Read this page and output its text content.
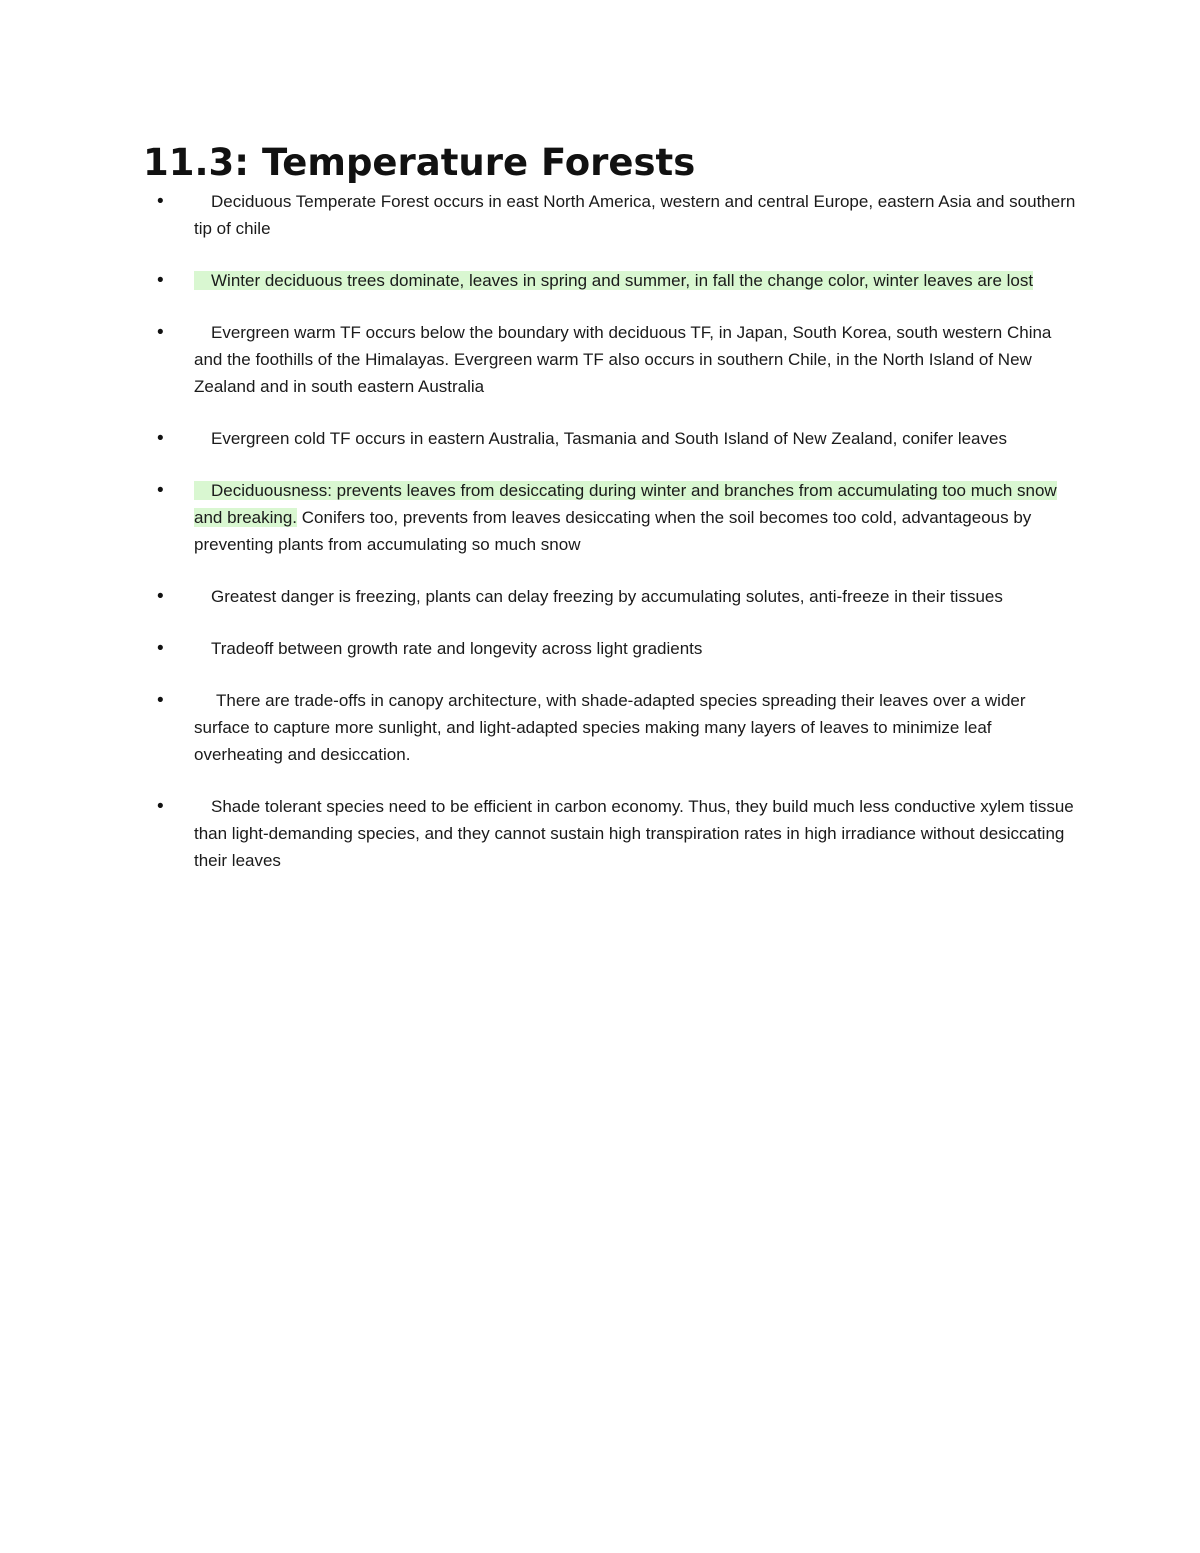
11.3: Temperature Forests
•	Deciduous Temperate Forest occurs in east North America, western and central Europe, eastern Asia and southern tip of chile
•	Winter deciduous trees dominate, leaves in spring and summer, in fall the change color, winter leaves are lost
•	Evergreen warm TF occurs below the boundary with deciduous TF, in Japan, South Korea, south western China and the foothills of the Himalayas. Evergreen warm TF also occurs in southern Chile, in the North Island of New Zealand and in south eastern Australia
•	Evergreen cold TF occurs in eastern Australia, Tasmania and South Island of New Zealand, conifer leaves
•	Deciduousness: prevents leaves from desiccating during winter and branches from accumulating too much snow and breaking. Conifers too, prevents from leaves desiccating when the soil becomes too cold, advantageous by preventing plants from accumulating so much snow
•	Greatest danger is freezing, plants can delay freezing by accumulating solutes, anti-freeze in their tissues
•	Tradeoff between growth rate and longevity across light gradients
•	There are trade-offs in canopy architecture, with shade-adapted species spreading their leaves over a wider surface to capture more sunlight, and light-adapted species making many layers of leaves to minimize leaf overheating and desiccation.
•	Shade tolerant species need to be efficient in carbon economy. Thus, they build much less conductive xylem tissue than light-demanding species, and they cannot sustain high transpiration rates in high irradiance without desiccating their leaves
